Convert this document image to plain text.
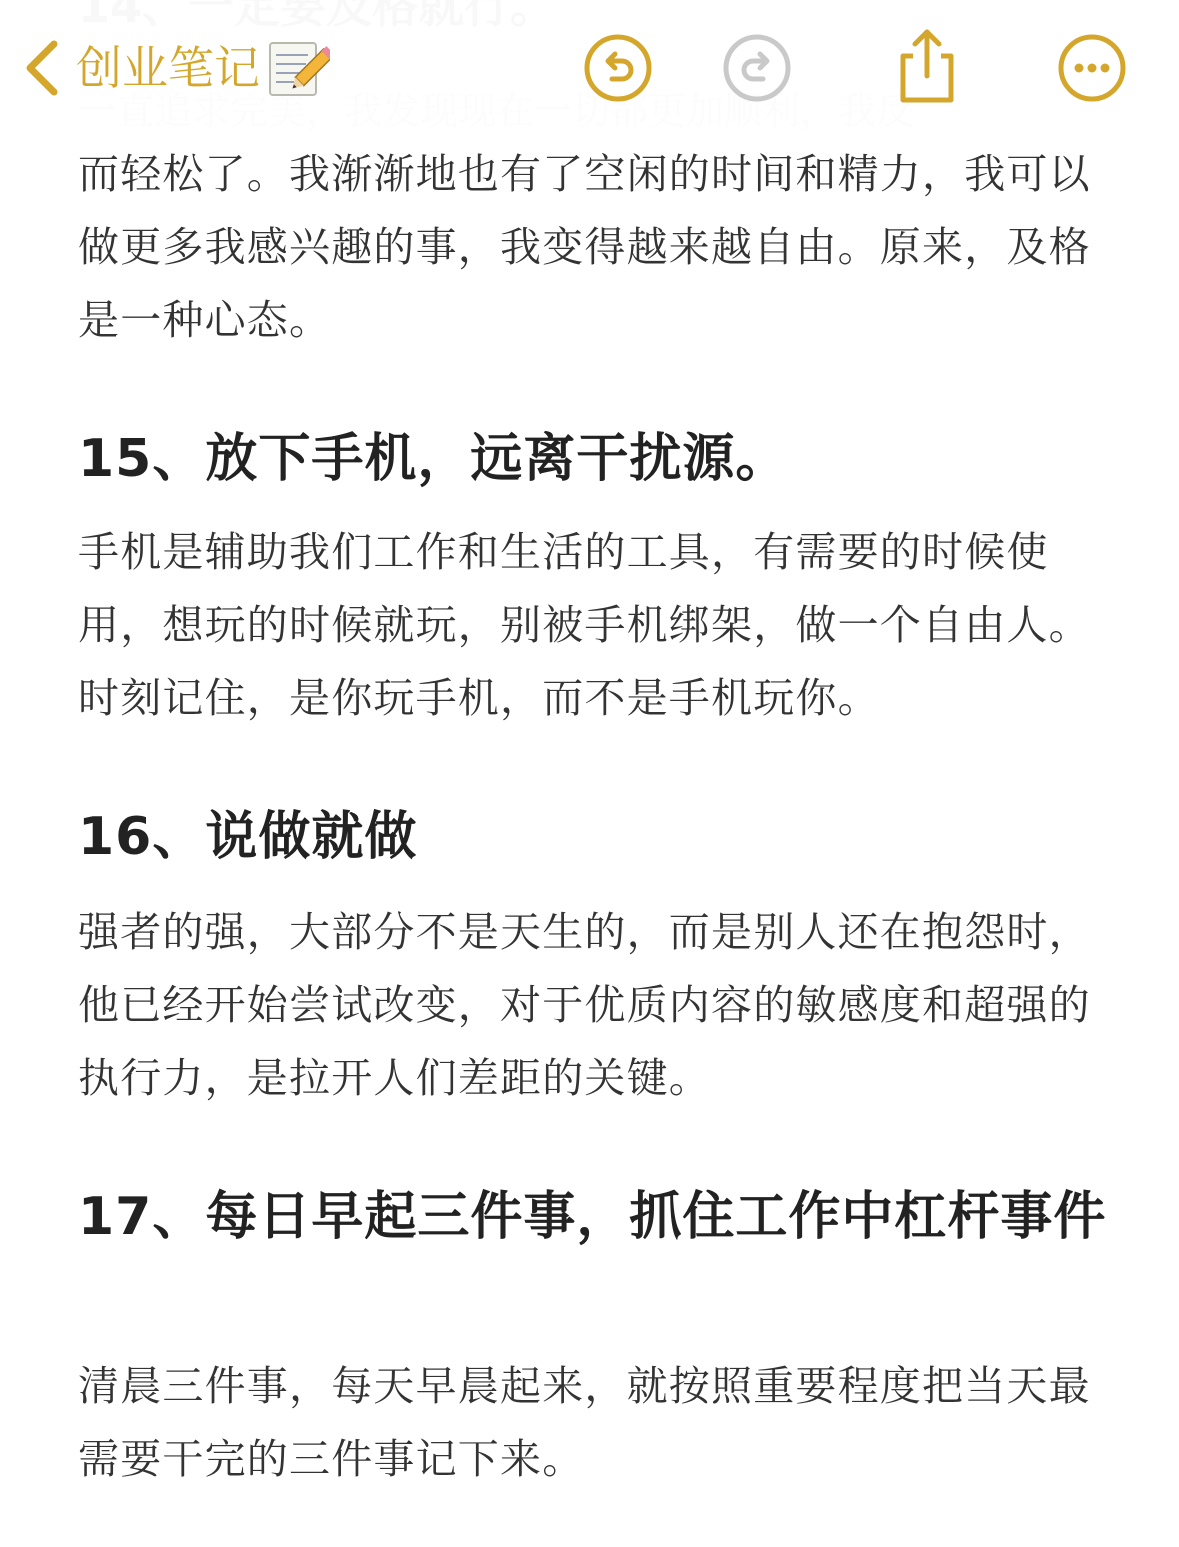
创业笔记

而轻松了。我渐渐地也有了空闲的时间和精力，我可以做更多我感兴趣的事，我变得越来越自由。原来，及格是一种心态。

15、放下手机，远离干扰源。

手机是辅助我们工作和生活的工具，有需要的时候使用，想玩的时候就玩，别被手机绑架，做一个自由人。时刻记住，是你玩手机，而不是手机玩你。

16、说做就做

强者的强，大部分不是天生的，而是别人还在抱怨时，他已经开始尝试改变，对于优质内容的敏感度和超强的执行力，是拉开人们差距的关键。

17、每日早起三件事，抓住工作中杠杆事件

清晨三件事，每天早晨起来，就按照重要程度把当天最需要干完的三件事记下来。
